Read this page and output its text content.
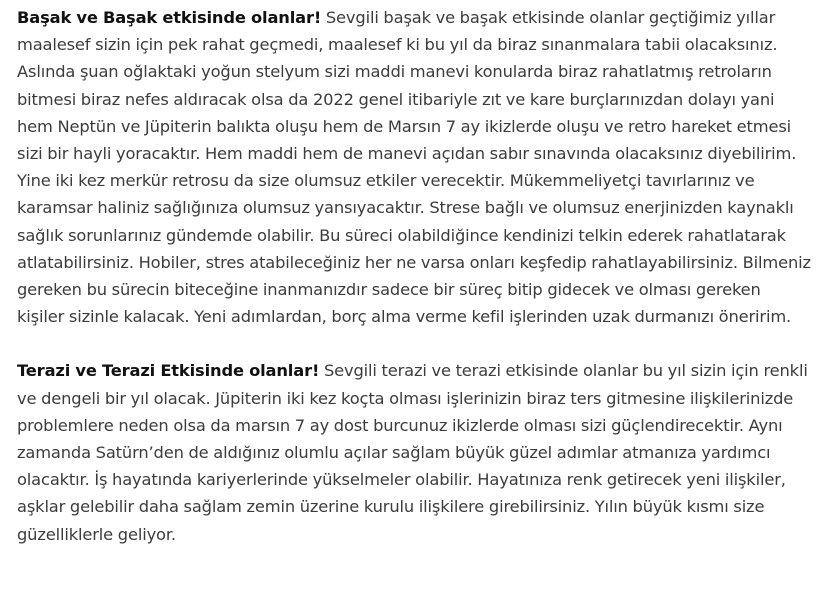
Başak ve Başak etkisinde olanlar! Sevgili başak ve başak etkisinde olanlar geçtiğimiz yıllar maalesef sizin için pek rahat geçmedi, maalesef ki bu yıl da biraz sınanmalara tabii olacaksınız. Aslında şuan oğlaktaki yoğun stelyum sizi maddi manevi konularda biraz rahatlatmış retroların bitmesi biraz nefes aldıracak olsa da 2022 genel itibariyle zıt ve kare burçlarınızdan dolayı yani hem Neptün ve Jüpiterin balıkta oluşu hem de Marsın 7 ay ikizlerde oluşu ve retro hareket etmesi sizi bir hayli yoracaktır. Hem maddi hem de manevi açıdan sabır sınavında olacaksınız diyebilirim. Yine iki kez merkür retrosu da size olumsuz etkiler verecektir. Mükemmeliyetçi tavırlarınız ve karamsar haliniz sağlığınıza olumsuz yansıyacaktır. Strese bağlı ve olumsuz enerjinizden kaynaklı sağlık sorunlarınız gündemde olabilir. Bu süreci olabildiğince kendinizi telkin ederek rahatlatarak atlatabilirsiniz. Hobiler, stres atabileceğiniz her ne varsa onları keşfedip rahatlayabilirsiniz. Bilmeniz gereken bu sürecin biteceğine inanmanızdır sadece bir süreç bitip gidecek ve olması gereken kişiler sizinle kalacak. Yeni adımlardan, borç alma verme kefil işlerinden uzak durmanızı öneririm.

Terazi ve Terazi Etkisinde olanlar! Sevgili terazi ve terazi etkisinde olanlar bu yıl sizin için renkli ve dengeli bir yıl olacak. Jüpiterin iki kez koçta olması işlerinizin biraz ters gitmesine ilişkilerinizde problemlere neden olsa da marsın 7 ay dost burcunuz ikizlerde olması sizi güçlendirecektir. Aynı zamanda Satürn’den de aldığınız olumlu açılar sağlam büyük güzel adımlar atmanıza yardımcı olacaktır. İş hayatında kariyerlerinde yükselmeler olabilir. Hayatınıza renk getirecek yeni ilişkiler, aşklar gelebilir daha sağlam zemin üzerine kurulu ilişkilere girebilirsiniz. Yılın büyük kısmı size güzelliklerle geliyor.
